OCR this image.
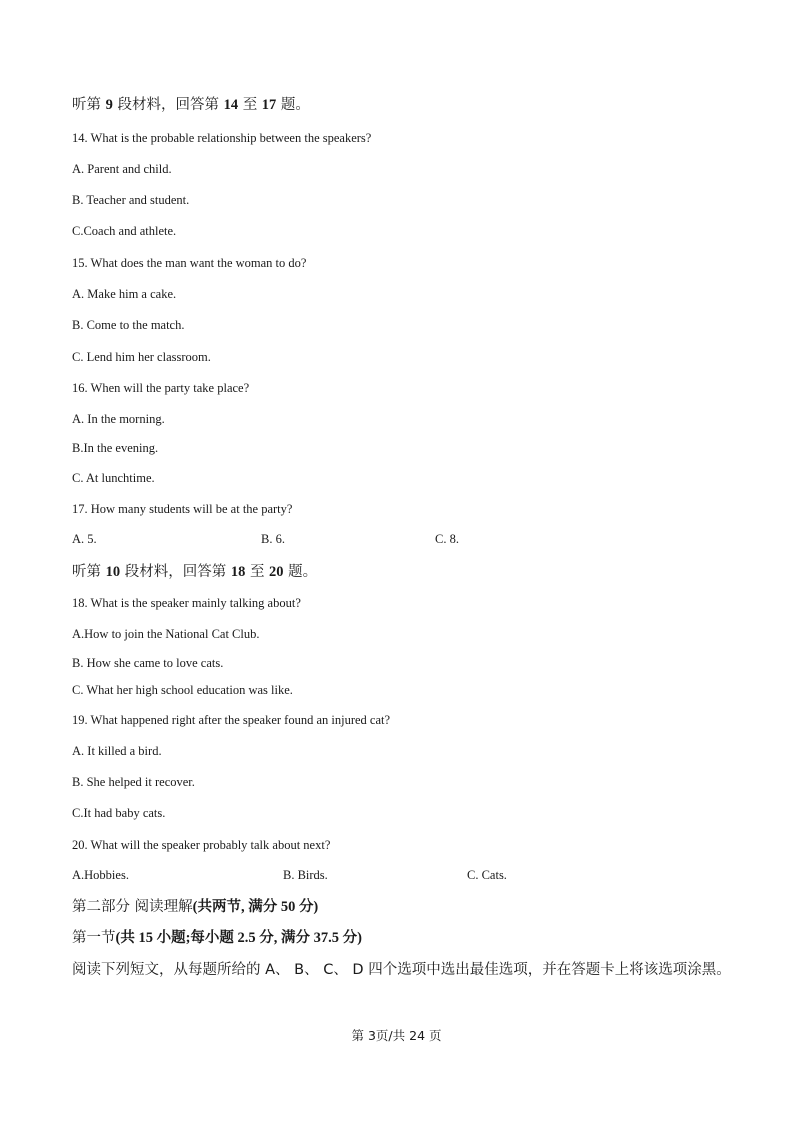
听第 9 段材料，回答第 14 至 17 题。
14. What is the probable relationship between the speakers?
A. Parent and child.
B. Teacher and student.
C.Coach and athlete.
15. What does the man want the woman to do?
A. Make him a cake.
B. Come to the match.
C. Lend him her classroom.
16. When will the party take place?
A. In the morning.
B.In the evening.
C. At lunchtime.
17. How many students will be at the party?
A. 5.	B. 6.	C. 8.
听第 10 段材料，回答第 18 至 20 题。
18. What is the speaker mainly talking about?
A.How to join the National Cat Club.
B. How she came to love cats.
C. What her high school education was like.
19. What happened right after the speaker found an injured cat?
A. It killed a bird.
B. She helped it recover.
C.It had baby cats.
20. What will the speaker probably talk about next?
A.Hobbies.	B. Birds.	C. Cats.
第二部分 阅读理解(共两节, 满分 50 分)
第一节(共 15 小题;每小题 2.5 分, 满分 37.5 分)
阅读下列短文，从每题所给的 A、 B、 C、 D 四个选项中选出最佳选项，并在答题卡上将该选项涂黑。
第 3页/共 24 页
